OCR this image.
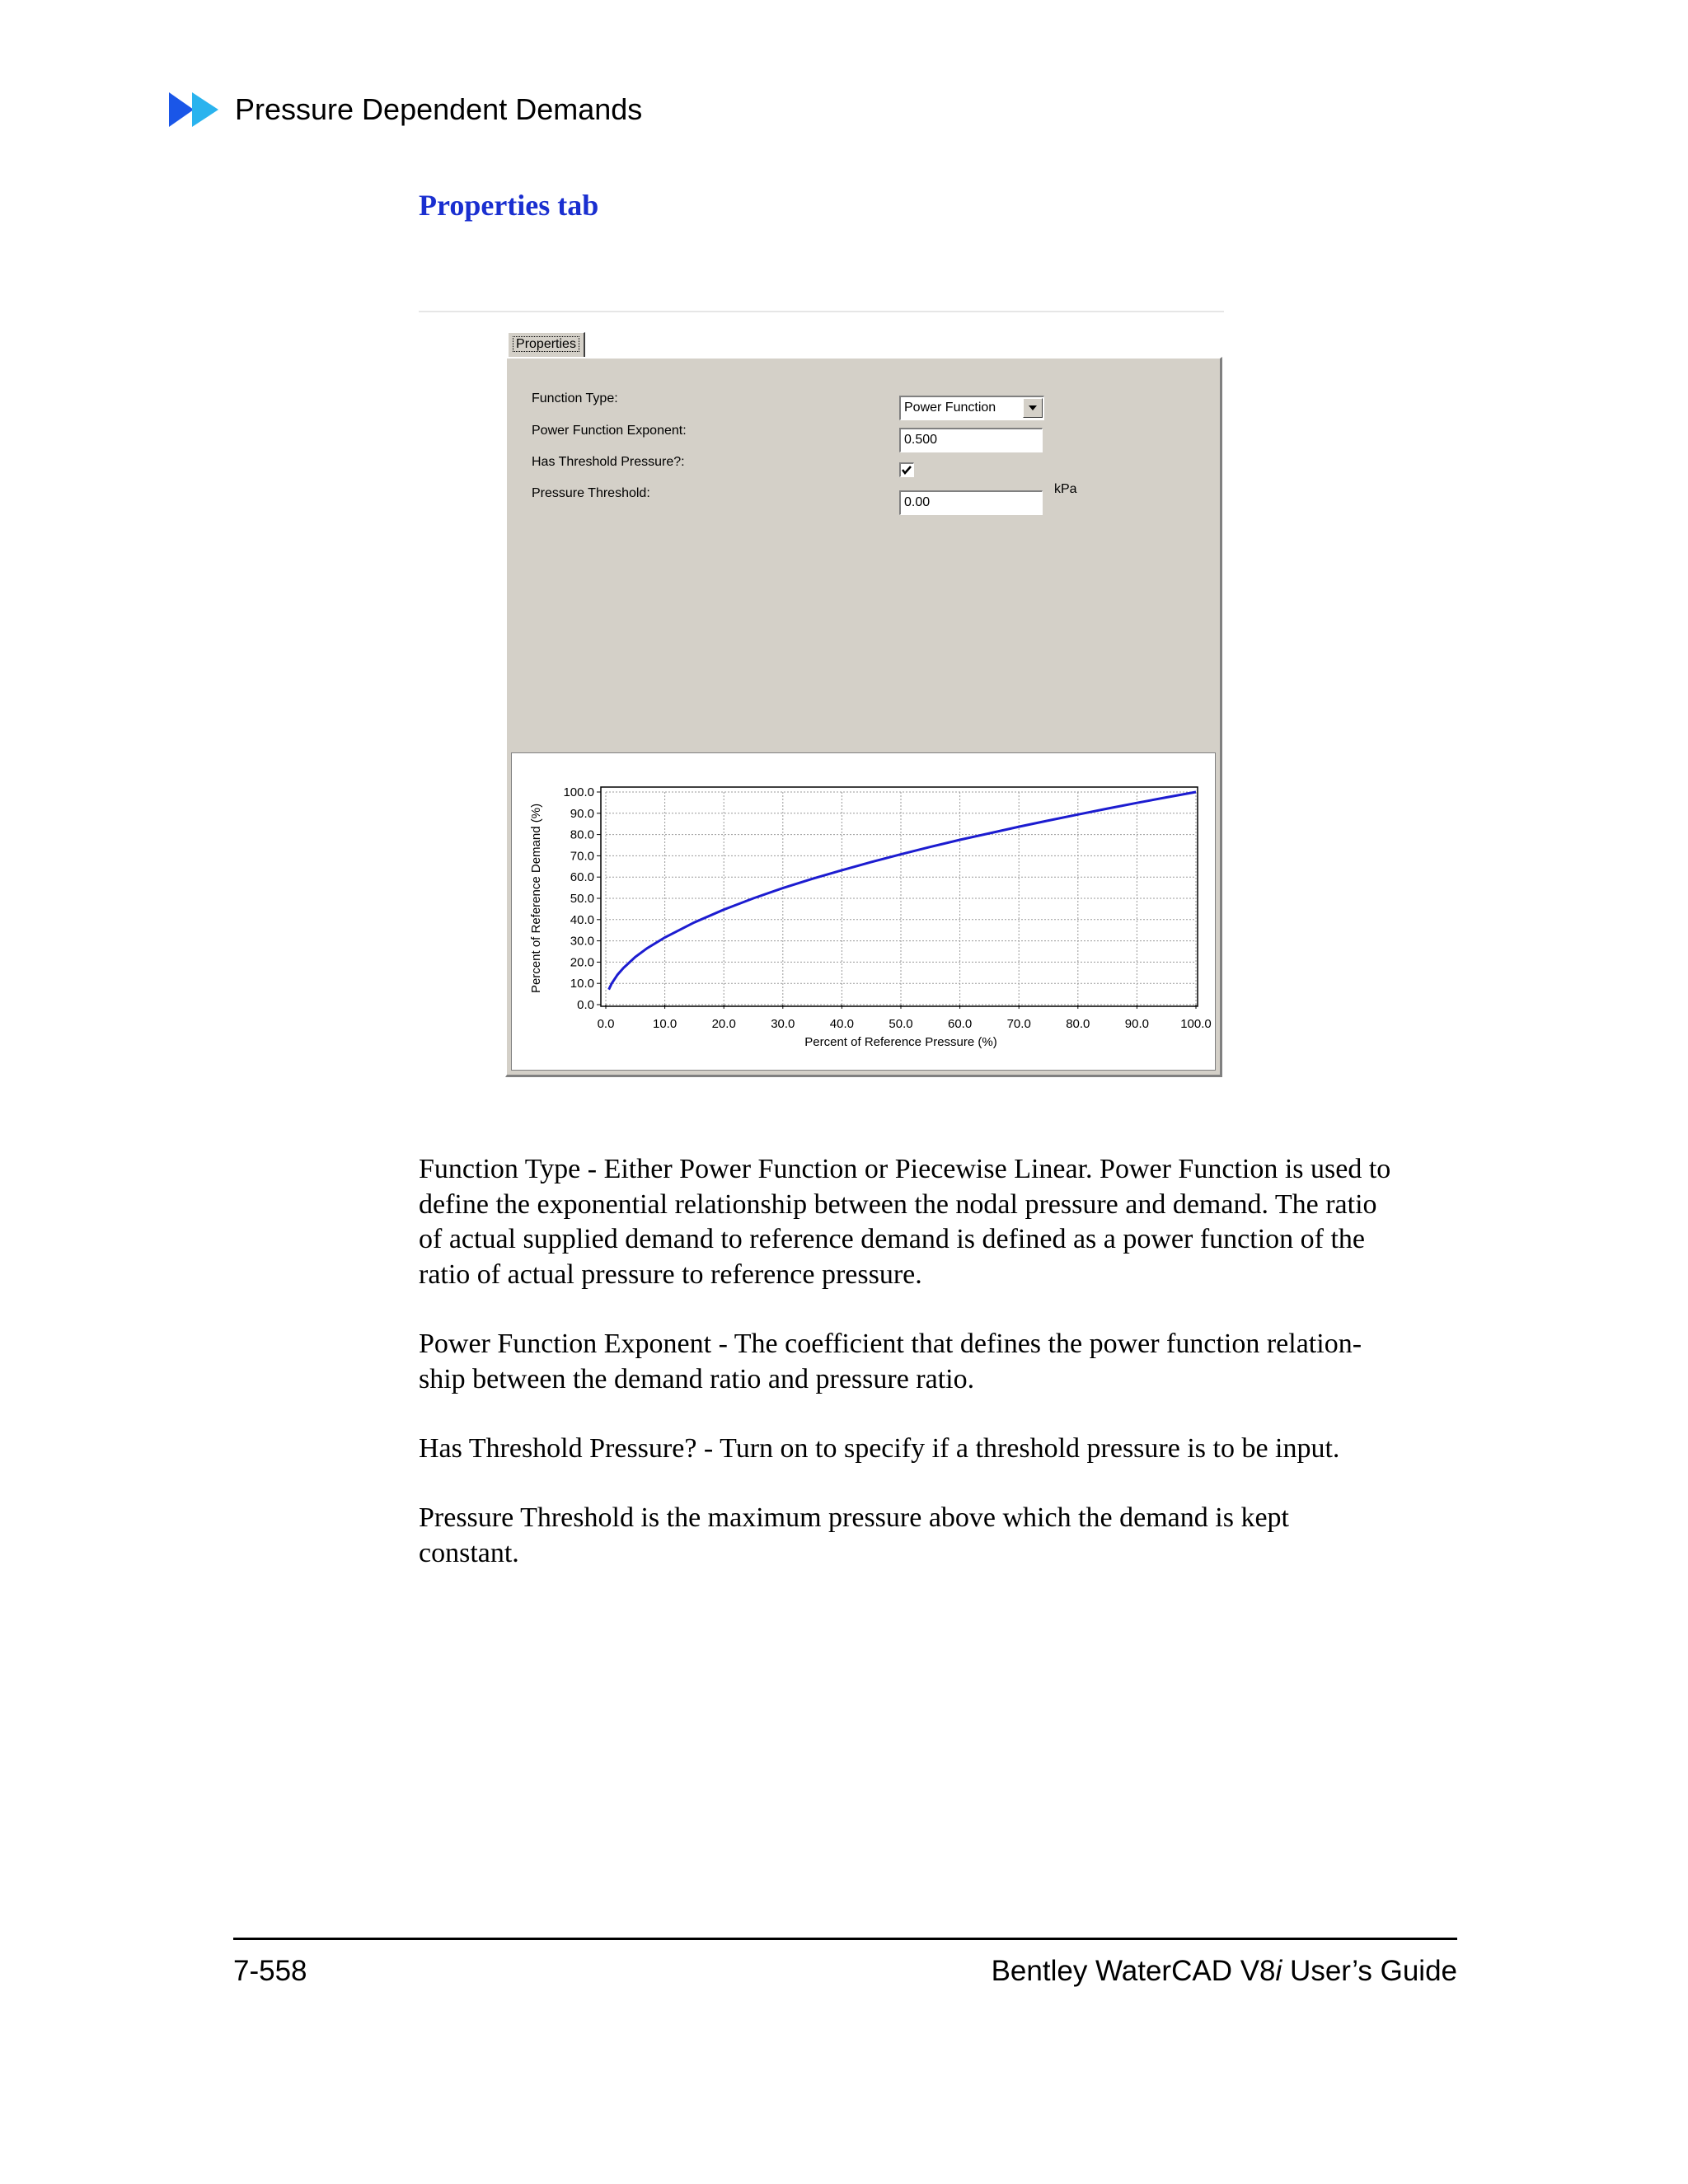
Pressure Dependent Demands
Properties tab
Properties
Function Type:
Power Function
Power Function Exponent:
0.500
Has Threshold Pressure?:
Pressure Threshold:
0.00
kPa
0.0	10.0	20.0	30.0	40.0	50.0	60.0	70.0	80.0	90.0	100.0
0.0
10.0
20.0
30.0
40.0
50.0
60.0
70.0
80.0
90.0
100.0
Percent of Reference Pressure (%)
Percent of Reference Demand (%)
Function Type - Either Power Function or Piecewise Linear. Power Function is used to
define the exponential relationship between the nodal pressure and demand. The ratio
of actual supplied demand to reference demand is defined as a power function of the
ratio of actual pressure to reference pressure.
Power Function Exponent - The coefficient that defines the power function relation-
ship between the demand ratio and pressure ratio.
Has Threshold Pressure? - Turn on to specify if a threshold pressure is to be input.
Pressure Threshold is the maximum pressure above which the demand is kept
constant.
7-558	Bentley WaterCAD V8i User’s Guide
